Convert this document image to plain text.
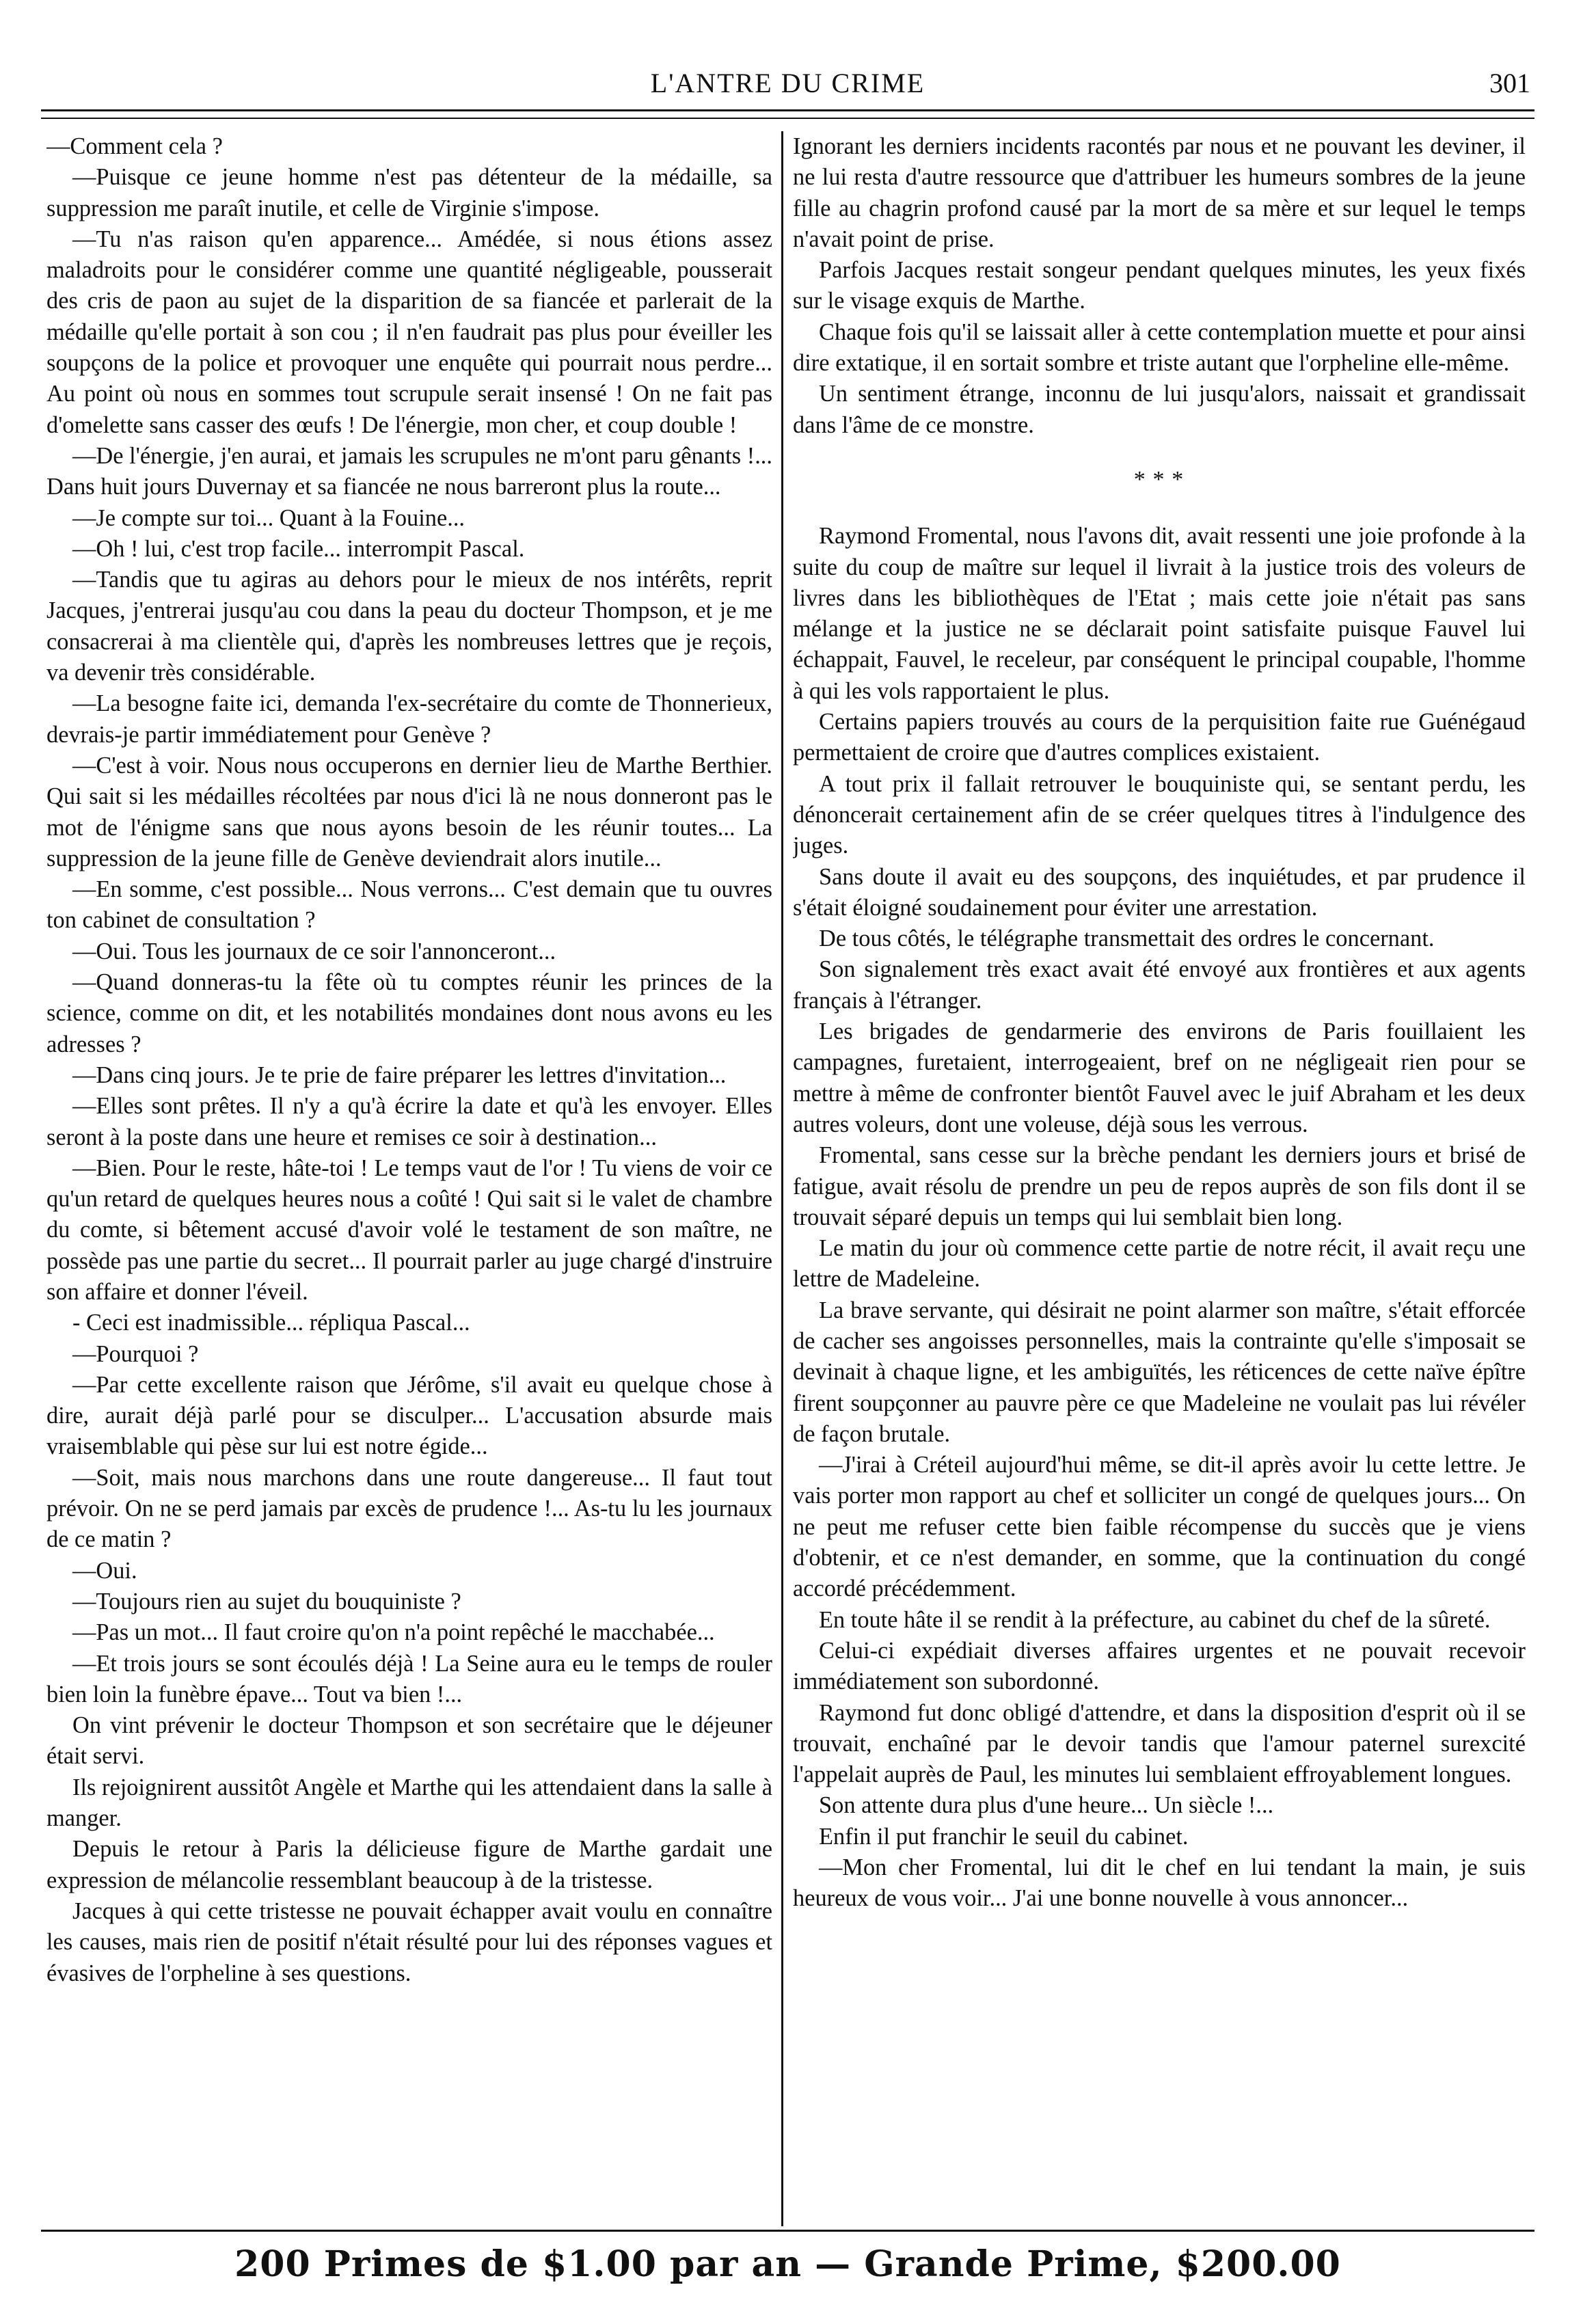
L'ANTRE DU CRIME	301

—Comment cela ?

—Puisque ce jeune homme n'est pas détenteur de la médaille, sa suppression me paraît inutile, et celle de Virginie s'impose.

—Tu n'as raison qu'en apparence... Amédée, si nous étions assez maladroits pour le considérer comme une quantité négligeable, pousserait des cris de paon au sujet de la disparition de sa fiancée et parlerait de la médaille qu'elle portait à son cou ; il n'en faudrait pas plus pour éveiller les soupçons de la police et provoquer une enquête qui pourrait nous perdre... Au point où nous en sommes tout scrupule serait insensé ! On ne fait pas d'omelette sans casser des œufs ! De l'énergie, mon cher, et coup double !

—De l'énergie, j'en aurai, et jamais les scrupules ne m'ont paru gênants !... Dans huit jours Duvernay et sa fiancée ne nous barreront plus la route...

—Je compte sur toi... Quant à la Fouine...

—Oh ! lui, c'est trop facile... interrompit Pascal.

—Tandis que tu agiras au dehors pour le mieux de nos intérêts, reprit Jacques, j'entrerai jusqu'au cou dans la peau du docteur Thompson, et je me consacrerai à ma clientèle qui, d'après les nombreuses lettres que je reçois, va devenir très considérable.

—La besogne faite ici, demanda l'ex-secrétaire du comte de Thonnerieux, devrais-je partir immédiatement pour Genève ?

—C'est à voir. Nous nous occuperons en dernier lieu de Marthe Berthier. Qui sait si les médailles récoltées par nous d'ici là ne nous donneront pas le mot de l'énigme sans que nous ayons besoin de les réunir toutes... La suppression de la jeune fille de Genève deviendrait alors inutile...

—En somme, c'est possible... Nous verrons... C'est demain que tu ouvres ton cabinet de consultation ?

—Oui. Tous les journaux de ce soir l'annonceront...

—Quand donneras-tu la fête où tu comptes réunir les princes de la science, comme on dit, et les notabilités mondaines dont nous avons eu les adresses ?

—Dans cinq jours. Je te prie de faire préparer les lettres d'invitation...

—Elles sont prêtes. Il n'y a qu'à écrire la date et qu'à les envoyer. Elles seront à la poste dans une heure et remises ce soir à destination...

—Bien. Pour le reste, hâte-toi ! Le temps vaut de l'or ! Tu viens de voir ce qu'un retard de quelques heures nous a coûté ! Qui sait si le valet de chambre du comte, si bêtement accusé d'avoir volé le testament de son maître, ne possède pas une partie du secret... Il pourrait parler au juge chargé d'instruire son affaire et donner l'éveil.

- Ceci est inadmissible... répliqua Pascal...

—Pourquoi ?

—Par cette excellente raison que Jérôme, s'il avait eu quelque chose à dire, aurait déjà parlé pour se disculper... L'accusation absurde mais vraisemblable qui pèse sur lui est notre égide...

—Soit, mais nous marchons dans une route dangereuse... Il faut tout prévoir. On ne se perd jamais par excès de prudence !... As-tu lu les journaux de ce matin ?

—Oui.

—Toujours rien au sujet du bouquiniste ?

—Pas un mot... Il faut croire qu'on n'a point repêché le macchabée...

—Et trois jours se sont écoulés déjà ! La Seine aura eu le temps de rouler bien loin la funèbre épave... Tout va bien !...

On vint prévenir le docteur Thompson et son secrétaire que le déjeuner était servi.

Ils rejoignirent aussitôt Angèle et Marthe qui les attendaient dans la salle à manger.

Depuis le retour à Paris la délicieuse figure de Marthe gardait une expression de mélancolie ressemblant beaucoup à de la tristesse.

Jacques à qui cette tristesse ne pouvait échapper avait voulu en connaître les causes, mais rien de positif n'était résulté pour lui des réponses vagues et évasives de l'orpheline à ses questions.

Ignorant les derniers incidents racontés par nous et ne pouvant les deviner, il ne lui resta d'autre ressource que d'attribuer les humeurs sombres de la jeune fille au chagrin profond causé par la mort de sa mère et sur lequel le temps n'avait point de prise.

Parfois Jacques restait songeur pendant quelques minutes, les yeux fixés sur le visage exquis de Marthe.

Chaque fois qu'il se laissait aller à cette contemplation muette et pour ainsi dire extatique, il en sortait sombre et triste autant que l'orpheline elle-même.

Un sentiment étrange, inconnu de lui jusqu'alors, naissait et grandissait dans l'âme de ce monstre.

* * *

Raymond Fromental, nous l'avons dit, avait ressenti une joie profonde à la suite du coup de maître sur lequel il livrait à la justice trois des voleurs de livres dans les bibliothèques de l'Etat ; mais cette joie n'était pas sans mélange et la justice ne se déclarait point satisfaite puisque Fauvel lui échappait, Fauvel, le receleur, par conséquent le principal coupable, l'homme à qui les vols rapportaient le plus.

Certains papiers trouvés au cours de la perquisition faite rue Guénégaud permettaient de croire que d'autres complices existaient.

A tout prix il fallait retrouver le bouquiniste qui, se sentant perdu, les dénoncerait certainement afin de se créer quelques titres à l'indulgence des juges.

Sans doute il avait eu des soupçons, des inquiétudes, et par prudence il s'était éloigné soudainement pour éviter une arrestation.

De tous côtés, le télégraphe transmettait des ordres le concernant.

Son signalement très exact avait été envoyé aux frontières et aux agents français à l'étranger.

Les brigades de gendarmerie des environs de Paris fouillaient les campagnes, furetaient, interrogeaient, bref on ne négligeait rien pour se mettre à même de confronter bientôt Fauvel avec le juif Abraham et les deux autres voleurs, dont une voleuse, déjà sous les verrous.

Fromental, sans cesse sur la brèche pendant les derniers jours et brisé de fatigue, avait résolu de prendre un peu de repos auprès de son fils dont il se trouvait séparé depuis un temps qui lui semblait bien long.

Le matin du jour où commence cette partie de notre récit, il avait reçu une lettre de Madeleine.

La brave servante, qui désirait ne point alarmer son maître, s'était efforcée de cacher ses angoisses personnelles, mais la contrainte qu'elle s'imposait se devinait à chaque ligne, et les ambiguïtés, les réticences de cette naïve épître firent soupçonner au pauvre père ce que Madeleine ne voulait pas lui révéler de façon brutale.

—J'irai à Créteil aujourd'hui même, se dit-il après avoir lu cette lettre. Je vais porter mon rapport au chef et solliciter un congé de quelques jours... On ne peut me refuser cette bien faible récompense du succès que je viens d'obtenir, et ce n'est demander, en somme, que la continuation du congé accordé précédemment.

En toute hâte il se rendit à la préfecture, au cabinet du chef de la sûreté.

Celui-ci expédiait diverses affaires urgentes et ne pouvait recevoir immédiatement son subordonné.

Raymond fut donc obligé d'attendre, et dans la disposition d'esprit où il se trouvait, enchaîné par le devoir tandis que l'amour paternel surexcité l'appelait auprès de Paul, les minutes lui semblaient effroyablement longues.

Son attente dura plus d'une heure... Un siècle !...

Enfin il put franchir le seuil du cabinet.

—Mon cher Fromental, lui dit le chef en lui tendant la main, je suis heureux de vous voir... J'ai une bonne nouvelle à vous annoncer...

200 Primes de $1.00 par an — Grande Prime, $200.00
